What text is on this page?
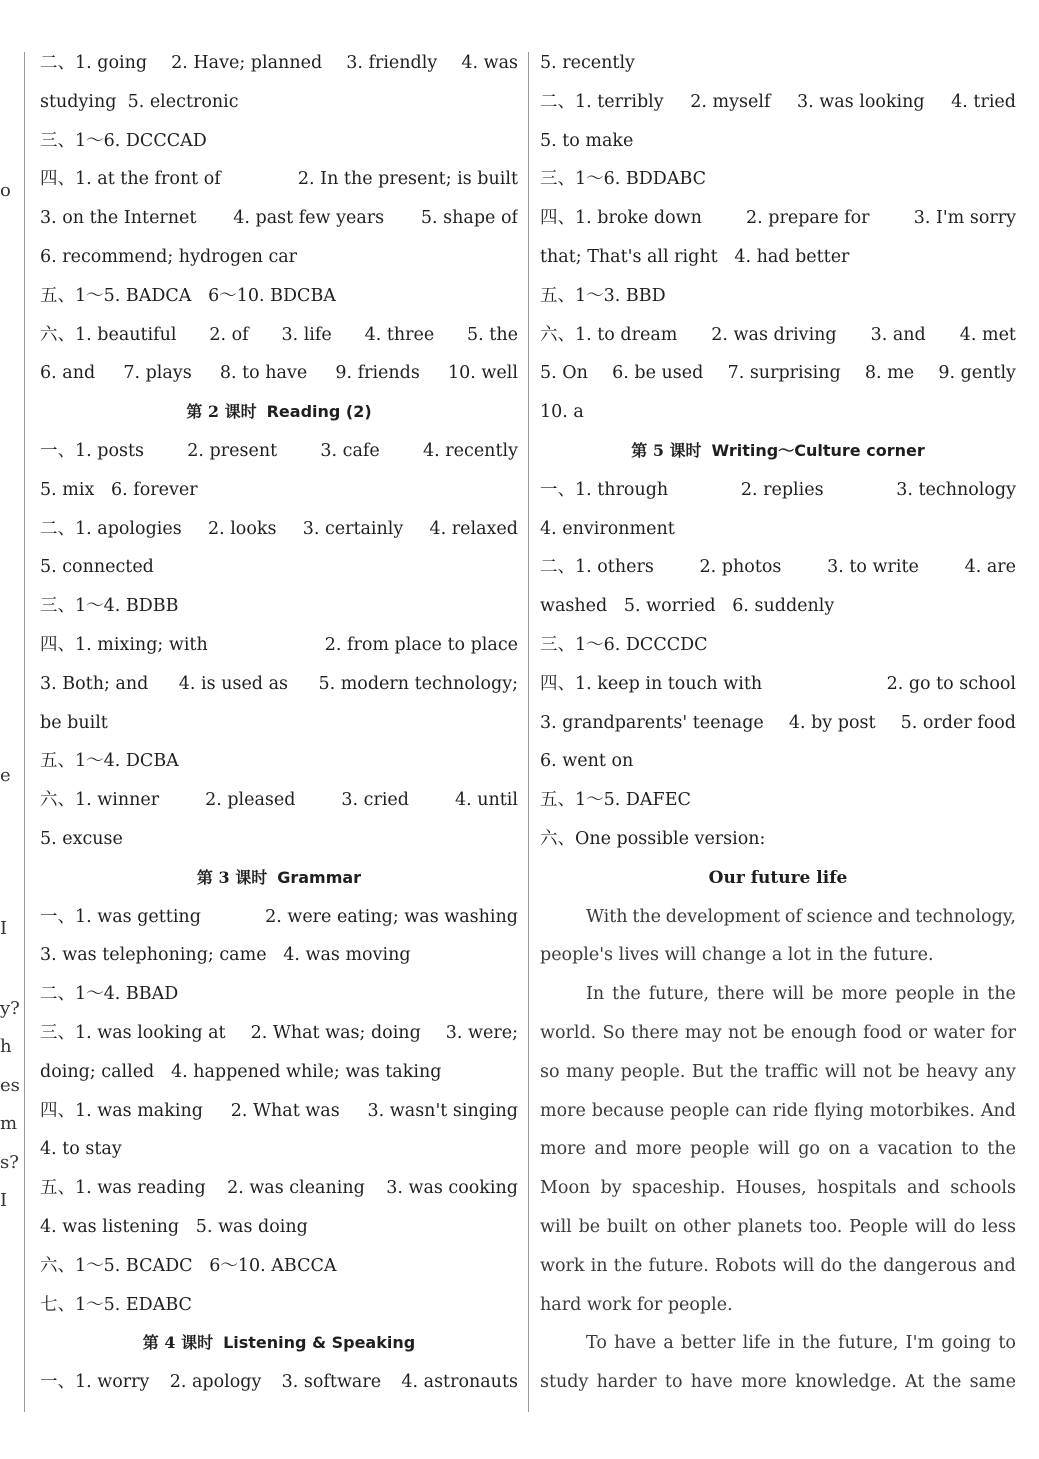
o
e
I
y?
h
es
m
s?
I
二、1. going 2. Have; planned 3. friendly 4. was
studying  5. electronic
三、1～6. DCCCAD
四、1. at the front of	2. In the present; is built
3. on the Internet 4. past few years 5. shape of
6. recommend; hydrogen car
五、1～5. BADCA   6～10. BDCBA
六、1. beautiful 2. of 3. life 4. three 5. the
6. and 7. plays 8. to have 9. friends 10. well
第 2 课时 Reading (2)
一、1. posts 2. present 3. cafe 4. recently
5. mix   6. forever
二、1. apologies 2. looks 3. certainly 4. relaxed
5. connected
三、1～4. BDBB
四、1. mixing; with	2. from place to place
3. Both; and 4. is used as 5. modern technology;
be built
五、1～4. DCBA
六、1. winner	2. pleased	3. cried	4. until
5. excuse
第 3 课时 Grammar
一、1. was getting	2. were eating; was washing
3. was telephoning; came   4. was moving
二、1～4. BBAD
三、1. was looking at 2. What was; doing 3. were;
doing; called   4. happened while; was taking
四、1. was making 2. What was 3. wasn't singing
4. to stay
五、1. was reading 2. was cleaning 3. was cooking
4. was listening   5. was doing
六、1～5. BCADC   6～10. ABCCA
七、1～5. EDABC
第 4 课时 Listening & Speaking
一、1. worry 2. apology 3. software 4. astronauts
5. recently
二、1. terribly 2. myself 3. was looking 4. tried
5. to make
三、1～6. BDDABC
四、1. broke down	2. prepare for	3. I'm sorry
that; That's all right   4. had better
五、1～3. BBD
六、1. to dream 2. was driving 3. and 4. met
5. On 6. be used 7. surprising 8. me 9. gently
10. a
第 5 课时 Writing～Culture corner
一、1. through	2. replies	3. technology
4. environment
二、1. others	2. photos	3. to write	4. are
washed   5. worried   6. suddenly
三、1～6. DCCCDC
四、1. keep in touch with	2. go to school
3. grandparents' teenage 4. by post 5. order food
6. went on
五、1～5. DAFEC
六、One possible version:
Our future life
With the development of science and technology,
people's lives will change a lot in the future.
In the future, there will be more people in the
world. So there may not be enough food or water for
so many people. But the traffic will not be heavy any
more because people can ride flying motorbikes. And
more and more people will go on a vacation to the
Moon by spaceship. Houses, hospitals and schools
will be built on other planets too. People will do less
work in the future. Robots will do the dangerous and
hard work for people.
To have a better life in the future, I'm going to
study harder to have more knowledge. At the same
